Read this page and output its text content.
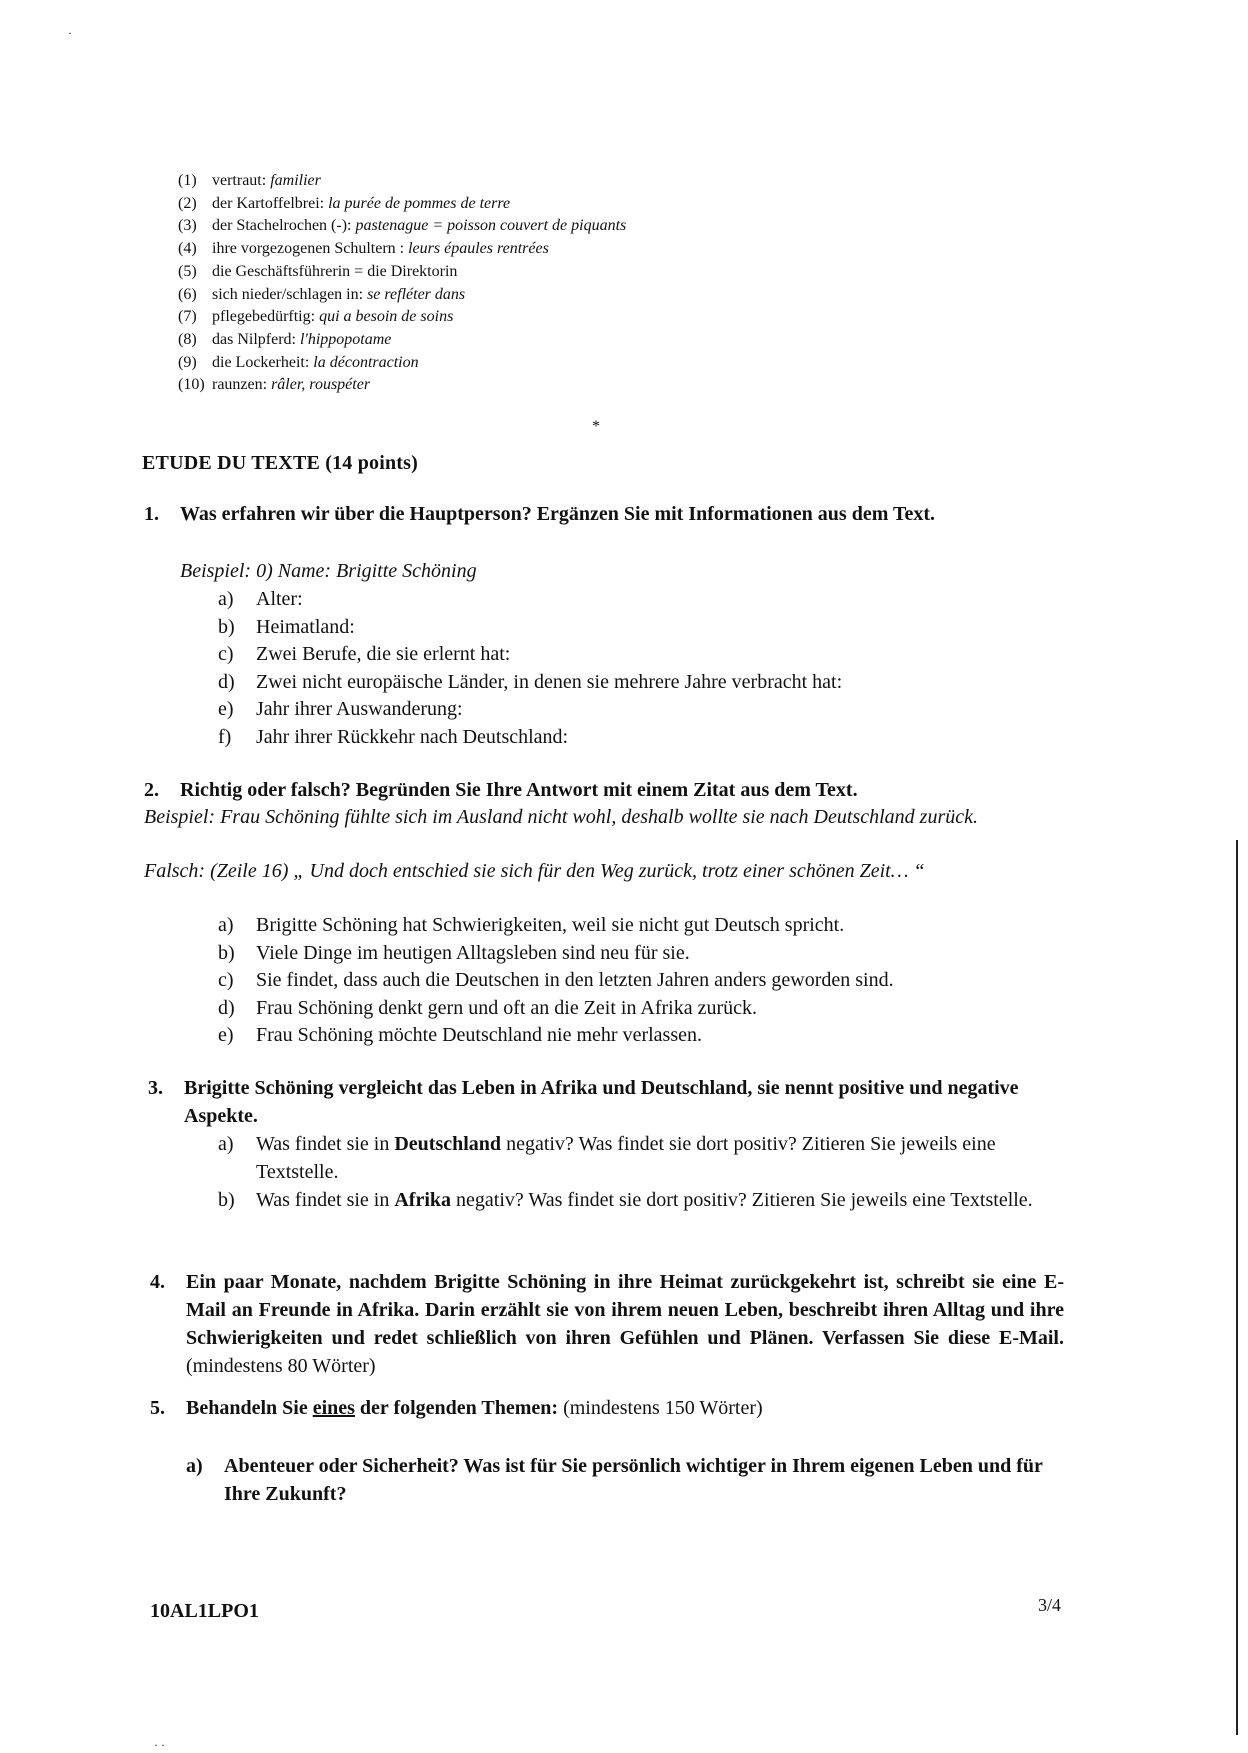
·
· ·
(1) vertraut: familier
(2) der Kartoffelbrei: la purée de pommes de terre
(3) der Stachelrochen (-): pastenague = poisson couvert de piquants
(4) ihre vorgezogenen Schultern : leurs épaules rentrées
(5) die Geschäftsführerin = die Direktorin
(6) sich nieder/schlagen in: se refléter dans
(7) pflegebedürftig: qui a besoin de soins
(8) das Nilpferd: l'hippopotame
(9) die Lockerheit: la décontraction
(10) raunzen: râler, rouspéter
*
ETUDE DU TEXTE (14 points)
1. Was erfahren wir über die Hauptperson? Ergänzen Sie mit Informationen aus dem Text.
Beispiel: 0) Name: Brigitte Schöning
a) Alter:
b) Heimatland:
c) Zwei Berufe, die sie erlernt hat:
d) Zwei nicht europäische Länder, in denen sie mehrere Jahre verbracht hat:
e) Jahr ihrer Auswanderung:
f) Jahr ihrer Rückkehr nach Deutschland:
2. Richtig oder falsch? Begründen Sie Ihre Antwort mit einem Zitat aus dem Text.
Beispiel: Frau Schöning fühlte sich im Ausland nicht wohl, deshalb wollte sie nach Deutschland zurück.
Falsch: (Zeile 16) „ Und doch entschied sie sich für den Weg zurück, trotz einer schönen Zeit… “
a) Brigitte Schöning hat Schwierigkeiten, weil sie nicht gut Deutsch spricht.
b) Viele Dinge im heutigen Alltagsleben sind neu für sie.
c) Sie findet, dass auch die Deutschen in den letzten Jahren anders geworden sind.
d) Frau Schöning denkt gern und oft an die Zeit in Afrika zurück.
e) Frau Schöning möchte Deutschland nie mehr verlassen.
3. Brigitte Schöning vergleicht das Leben in Afrika und Deutschland, sie nennt positive und negative Aspekte.
a) Was findet sie in Deutschland negativ? Was findet sie dort positiv? Zitieren Sie jeweils eine Textstelle.
b) Was findet sie in Afrika negativ? Was findet sie dort positiv? Zitieren Sie jeweils eine Textstelle.
4. Ein paar Monate, nachdem Brigitte Schöning in ihre Heimat zurückgekehrt ist, schreibt sie eine E-Mail an Freunde in Afrika. Darin erzählt sie von ihrem neuen Leben, beschreibt ihren Alltag und ihre Schwierigkeiten und redet schließlich von ihren Gefühlen und Plänen. Verfassen Sie diese E-Mail. (mindestens 80 Wörter)
5. Behandeln Sie eines der folgenden Themen: (mindestens 150 Wörter)
a) Abenteuer oder Sicherheit? Was ist für Sie persönlich wichtiger in Ihrem eigenen Leben und für Ihre Zukunft?
10AL1LPO1	3/4
